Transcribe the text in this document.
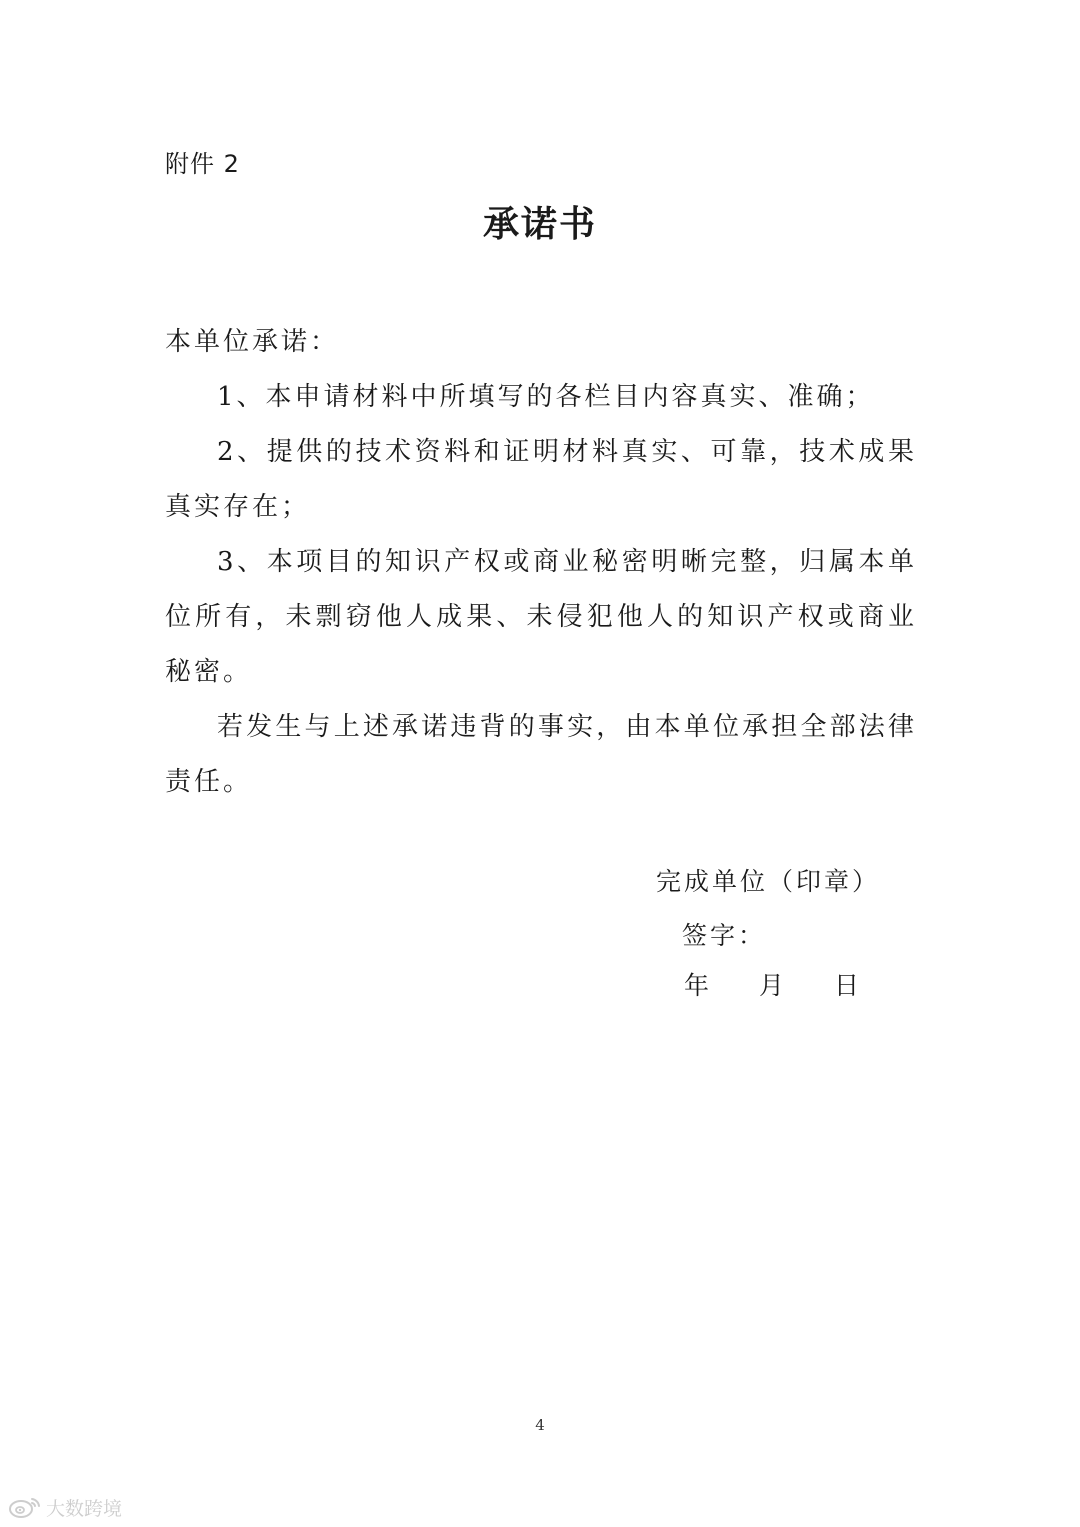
附件 2
承诺书

本单位承诺：

1、本申请材料中所填写的各栏目内容真实、准确；

2、提供的技术资料和证明材料真实、可靠，技术成果真实存在；

3、本项目的知识产权或商业秘密明晰完整，归属本单位所有，未剽窃他人成果、未侵犯他人的知识产权或商业秘密。

若发生与上述承诺违背的事实，由本单位承担全部法律责任。

完成单位（印章）
签字：
年 月 日
4
大数跨境
